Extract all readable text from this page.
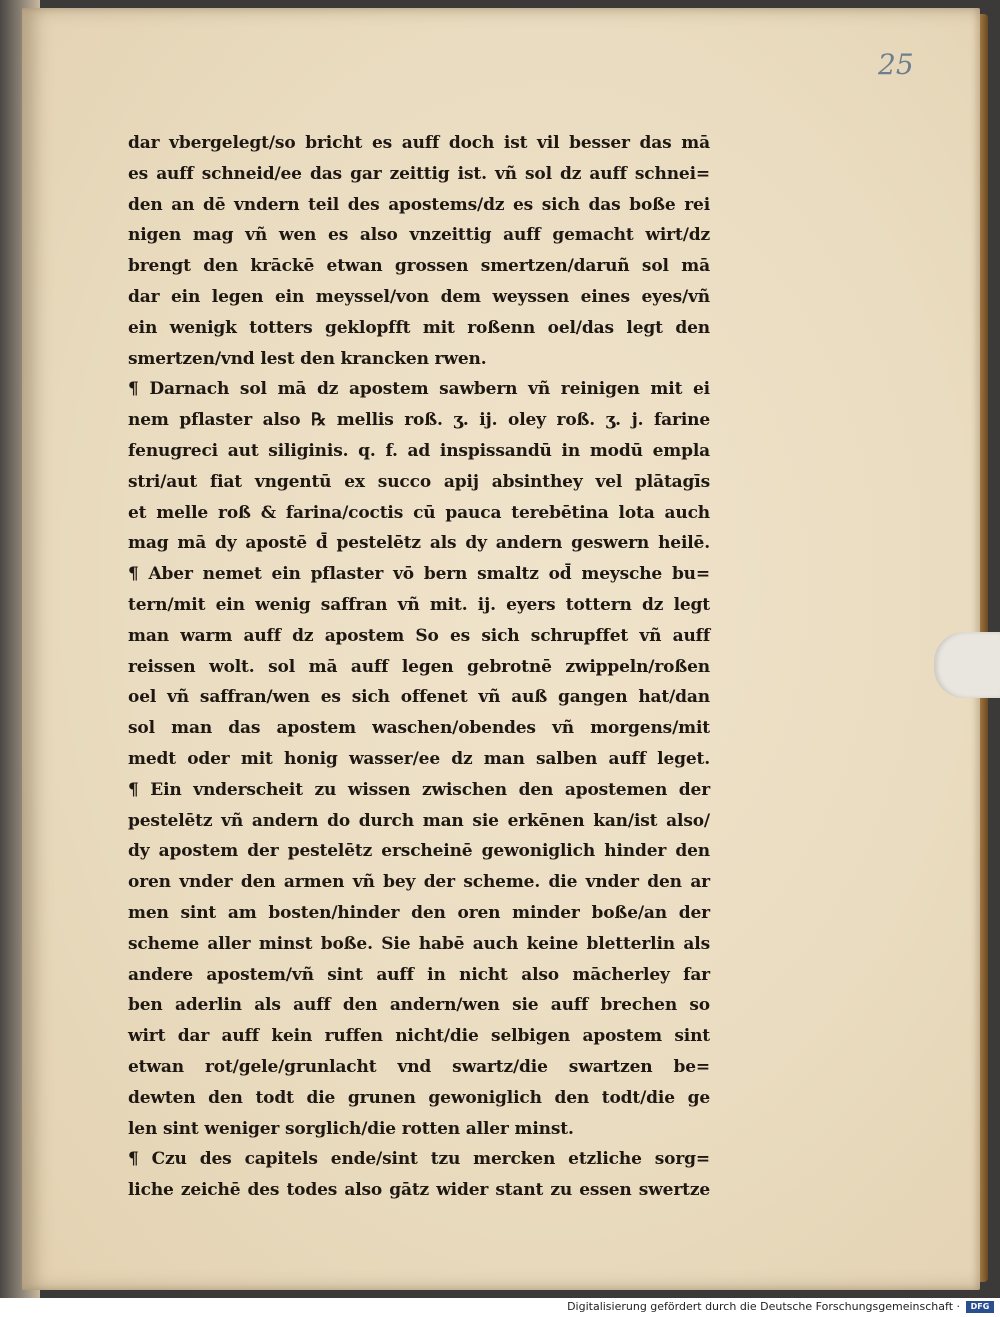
25
dar vbergelegt/so bricht es auff doch ist vil besser das mā
es auff schneid/ee das gar zeittig ist. vñ sol dz auff schnei=
den an dē vndern teil des apostems/dz es sich das boße rei
nigen mag vñ wen es also vnzeittig auff gemacht wirt/dz
brengt den krāckē etwan grossen smertzen/daruñ sol mā
dar ein legen ein meyssel/von dem weyssen eines eyes/vñ
ein wenigk totters geklopfft mit roßenn oel/das legt den
smertzen/vnd lest den krancken rwen.
¶ Darnach sol mā dz apostem sawbern vñ reinigen mit ei
nem pflaster also ℞ mellis roß. ʒ. ij. oley roß. ʒ. j. farine
fenugreci aut siliginis. q. f. ad inspissandū in modū empla
stri/aut fiat vngentū ex succo apij absinthey vel plātagīs
et melle roß & farina/coctis cū pauca terebētina lota auch
mag mā dy apostē d̄ pestelētz als dy andern geswern heilē.
¶ Aber nemet ein pflaster vō bern smaltz od̄ meysche bu=
tern/mit ein wenig saffran vñ mit. ij. eyers tottern dz legt
man warm auff dz apostem So es sich schrupffet vñ auff
reissen wolt. sol mā auff legen gebrotnē zwippeln/roßen
oel vñ saffran/wen es sich offenet vñ auß gangen hat/dan
sol man das apostem waschen/obendes vñ morgens/mit
medt oder mit honig wasser/ee dz man salben auff leget.
¶ Ein vnderscheit zu wissen zwischen den apostemen der
pestelētz vñ andern do durch man sie erkēnen kan/ist also/
dy apostem der pestelētz erscheinē gewoniglich hinder den
oren vnder den armen vñ bey der scheme. die vnder den ar
men sint am bosten/hinder den oren minder boße/an der
scheme aller minst boße. Sie habē auch keine bletterlin als
andere apostem/vñ sint auff in nicht also mācherley far
ben aderlin als auff den andern/wen sie auff brechen so
wirt dar auff kein ruffen nicht/die selbigen apostem sint
etwan rot/gele/grunlacht vnd swartz/die swartzen be=
dewten den todt die grunen gewoniglich den todt/die ge
len sint weniger sorglich/die rotten aller minst.
¶ Czu des capitels ende/sint tzu mercken etzliche sorg=
liche zeichē des todes also gātz wider stant zu essen swertze
Digitalisierung gefördert durch die Deutsche Forschungsgemeinschaft ·	DFG
